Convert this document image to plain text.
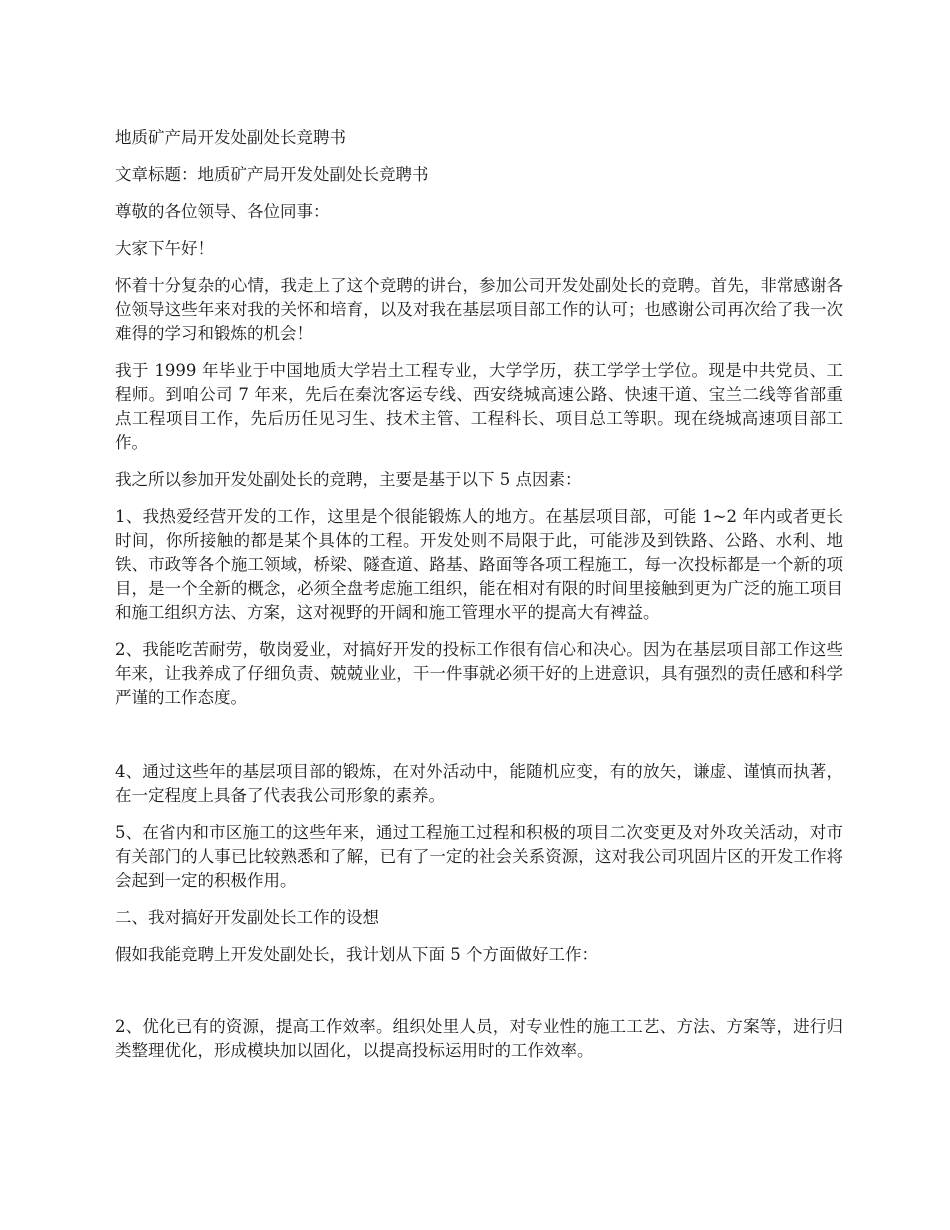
地质矿产局开发处副处长竞聘书

文章标题：地质矿产局开发处副处长竞聘书

尊敬的各位领导、各位同事：

大家下午好！

怀着十分复杂的心情，我走上了这个竞聘的讲台，参加公司开发处副处长的竞聘。首先，非常感谢各位领导这些年来对我的关怀和培育，以及对我在基层项目部工作的认可；也感谢公司再次给了我一次难得的学习和锻炼的机会！

我于 1999 年毕业于中国地质大学岩土工程专业，大学学历，获工学学士学位。现是中共党员、工程师。到咱公司 7 年来，先后在秦沈客运专线、西安绕城高速公路、快速干道、宝兰二线等省部重点工程项目工作，先后历任见习生、技术主管、工程科长、项目总工等职。现在绕城高速项目部工作。

我之所以参加开发处副处长的竞聘，主要是基于以下 5 点因素：

1、我热爱经营开发的工作，这里是个很能锻炼人的地方。在基层项目部，可能 1~2 年内或者更长时间，你所接触的都是某个具体的工程。开发处则不局限于此，可能涉及到铁路、公路、水利、地铁、市政等各个施工领域，桥梁、隧查道、路基、路面等各项工程施工，每一次投标都是一个新的项目，是一个全新的概念，必须全盘考虑施工组织，能在相对有限的时间里接触到更为广泛的施工项目和施工组织方法、方案，这对视野的开阔和施工管理水平的提高大有裨益。

2、我能吃苦耐劳，敬岗爱业，对搞好开发的投标工作很有信心和决心。因为在基层项目部工作这些年来，让我养成了仔细负责、兢兢业业，干一件事就必须干好的上进意识，具有强烈的责任感和科学严谨的工作态度。

4、通过这些年的基层项目部的锻炼，在对外活动中，能随机应变，有的放矢，谦虚、谨慎而执著，在一定程度上具备了代表我公司形象的素养。

5、在省内和市区施工的这些年来，通过工程施工过程和积极的项目二次变更及对外攻关活动，对市有关部门的人事已比较熟悉和了解，已有了一定的社会关系资源，这对我公司巩固片区的开发工作将会起到一定的积极作用。

二、我对搞好开发副处长工作的设想

假如我能竞聘上开发处副处长，我计划从下面 5 个方面做好工作：

2、优化已有的资源，提高工作效率。组织处里人员，对专业性的施工工艺、方法、方案等，进行归类整理优化，形成模块加以固化，以提高投标运用时的工作效率。
